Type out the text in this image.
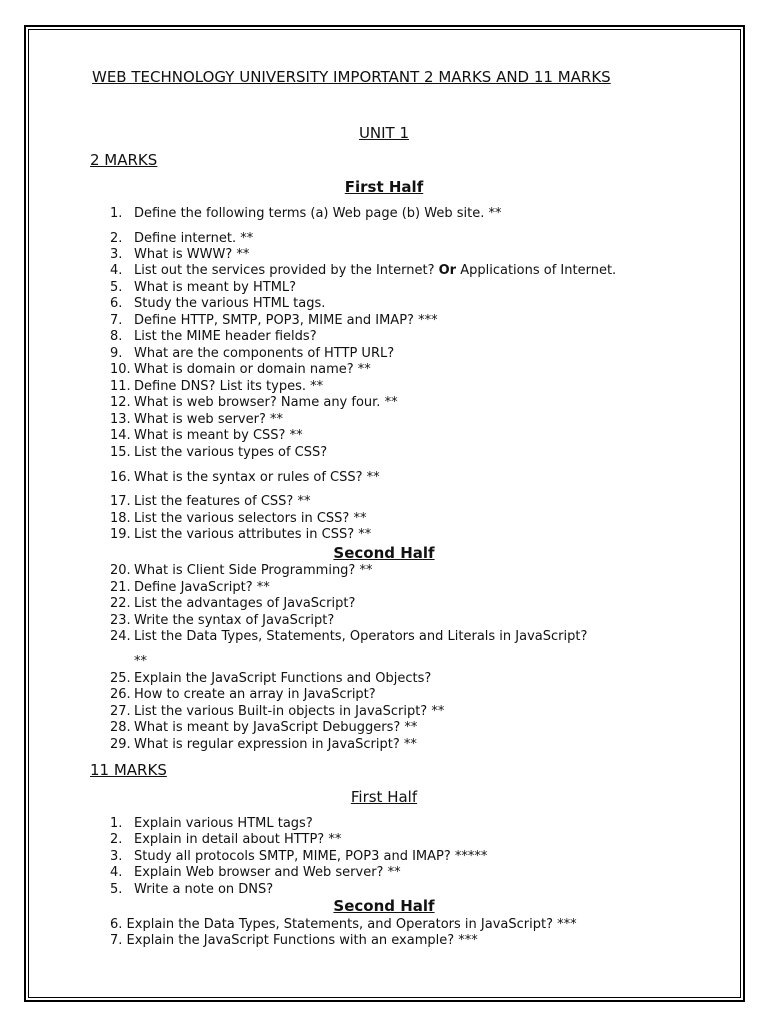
WEB TECHNOLOGY UNIVERSITY IMPORTANT 2 MARKS AND 11 MARKS
UNIT 1
2 MARKS
First Half
1. Define the following terms (a) Web page (b) Web site. **
2. Define internet. **
3. What is WWW? **
4. List out the services provided by the Internet? Or Applications of Internet.
5. What is meant by HTML?
6. Study the various HTML tags.
7. Define HTTP, SMTP, POP3, MIME and IMAP? ***
8. List the MIME header fields?
9. What are the components of HTTP URL?
10. What is domain or domain name? **
11. Define DNS? List its types. **
12. What is web browser? Name any four. **
13. What is web server? **
14. What is meant by CSS? **
15. List the various types of CSS?
16. What is the syntax or rules of CSS? **
17. List the features of CSS? **
18. List the various selectors in CSS? **
19. List the various attributes in CSS? **
Second Half
20. What is Client Side Programming? **
21. Define JavaScript? **
22. List the advantages of JavaScript?
23. Write the syntax of JavaScript?
24. List the Data Types, Statements, Operators and Literals in JavaScript?
**
25. Explain the JavaScript Functions and Objects?
26. How to create an array in JavaScript?
27. List the various Built-in objects in JavaScript? **
28. What is meant by JavaScript Debuggers? **
29. What is regular expression in JavaScript? **
11 MARKS
First Half
1. Explain various HTML tags?
2. Explain in detail about HTTP? **
3. Study all protocols SMTP, MIME, POP3 and IMAP? *****
4. Explain Web browser and Web server? **
5. Write a note on DNS?
Second Half
6. Explain the Data Types, Statements, and Operators in JavaScript? ***
7. Explain the JavaScript Functions with an example? ***
